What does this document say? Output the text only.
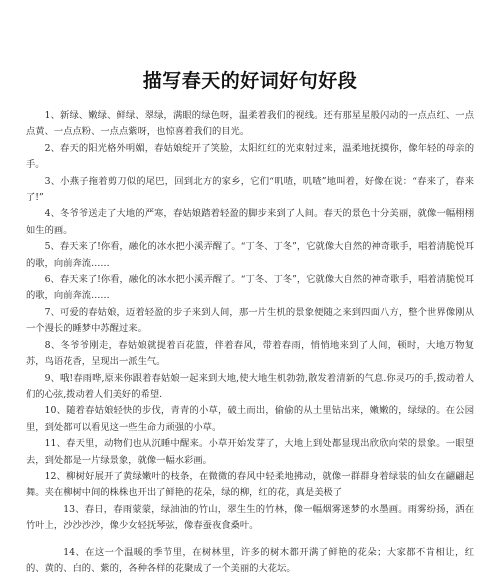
描写春天的好词好句好段

1、新绿、嫩绿、鲜绿、翠绿，满眼的绿色呀，温柔着我们的视线。还有那星星般闪动的一点点红、一点点黄、一点点粉、一点点紫呀，也惊喜着我们的目光。

2、春天的阳光格外明媚，春姑娘绽开了笑脸，太阳红红的光束射过来，温柔地抚摸你，像年轻的母亲的手。

3、小燕子拖着剪刀似的尾巴，回到北方的家乡，它们“叽喳，叽喳”地叫着，好像在说：“春来了，春来了!”

4、冬爷爷送走了大地的严寒，春姑娘踏着轻盈的脚步来到了人间。春天的景色十分美丽，就像一幅栩栩如生的画。

5、春天来了!你看，融化的冰水把小溪弄醒了。“丁冬、丁冬”，它就像大自然的神奇歌手，唱着清脆悦耳的歌，向前奔流……

6、春天来了!你看，融化的冰水把小溪弄醒了。“丁冬、丁冬”，它就像大自然的神奇歌手，唱着清脆悦耳的歌，向前奔流……

7、可爱的春姑娘，迈着轻盈的步子来到人间，那一片生机的景象便随之来到四面八方，整个世界像刚从一个漫长的睡梦中苏醒过来。

8、冬爷爷刚走，春姑娘就提着百花篮，伴着春风，带着春雨，悄悄地来到了人间，顿时，大地万物复苏，鸟语花香，呈现出一派生气。

9、哦!春雨哗,原来你跟着春姑娘一起来到大地,使大地生机勃勃,散发着清新的气息.你灵巧的手,拨动着人们的心弦,拨动着人们美好的希望.

10、随着春姑娘轻快的步伐，青青的小草，破土而出，偷偷的从土里钻出来，嫩嫩的，绿绿的。在公园里，到处都可以看见这一些生命力顽强的小草。

11、春天里，动物们也从沉睡中醒来。小草开始发芽了，大地上到处都显现出欣欣向荣的景象。一眼望去，到处都是一片绿景象，就像一幅水彩画。

12、柳树好展开了黄绿嫩叶的枝条，在微微的春风中轻柔地拂动，就像一群群身着绿装的仙女在翩翩起舞。夹在柳树中间的株株也开出了鲜艳的花朵，绿的柳，红的花，真是美极了

13、春日，春雨蒙蒙，绿油油的竹山，翠生生的竹林，像一幅烟雾迷梦的水墨画。雨雾纷扬，洒在竹叶上，沙沙沙沙，像少女轻抚琴弦，像春蚕夜食桑叶。

14、在这一个温暖的季节里，在树林里，许多的树木都开满了鲜艳的花朵；大家都不肯相让，红的、黄的、白的、紫的，各种各样的花聚成了一个美丽的大花坛。
